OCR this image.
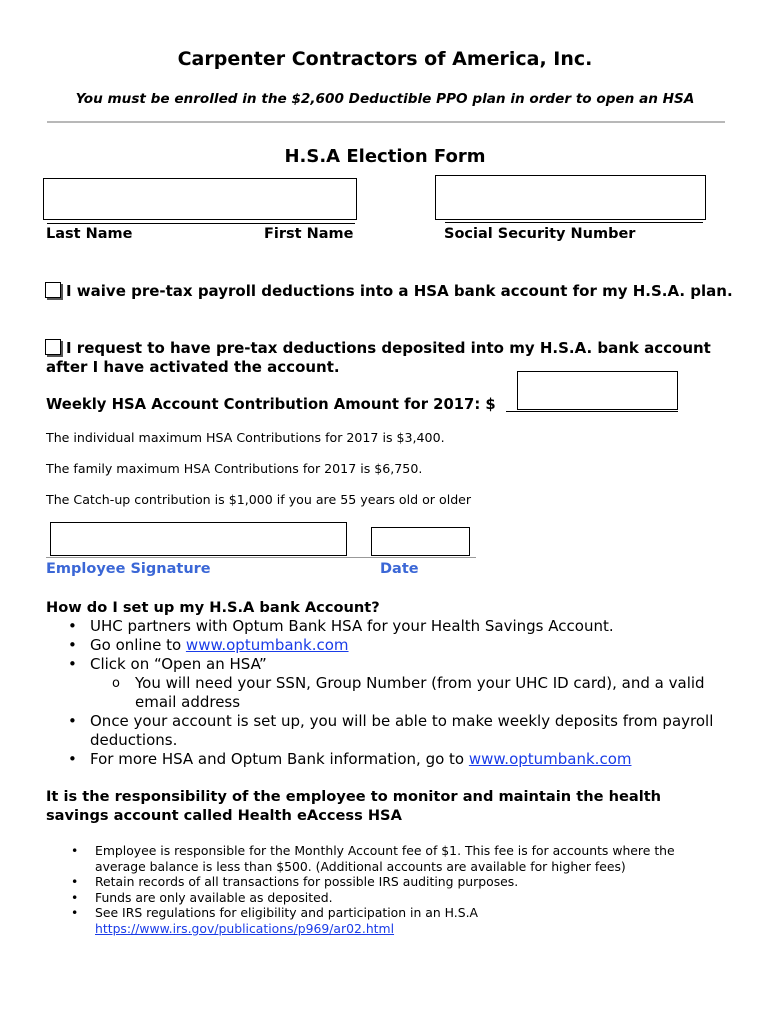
Carpenter Contractors of America, Inc.
You must be enrolled in the $2,600 Deductible PPO plan in order to open an HSA
H.S.A Election Form
Last Name	First Name	Social Security Number
I waive pre-tax payroll deductions into a HSA bank account for my H.S.A. plan.
I request to have pre-tax deductions deposited into my H.S.A. bank account after I have activated the account.
Weekly HSA Account Contribution Amount for 2017: $
The individual maximum HSA Contributions for 2017 is $3,400.
The family maximum HSA Contributions for 2017 is $6,750.
The Catch-up contribution is $1,000 if you are 55 years old or older
Employee Signature	Date
How do I set up my H.S.A bank Account?
• UHC partners with Optum Bank HSA for your Health Savings Account.
• Go online to www.optumbank.com
• Click on “Open an HSA”
o You will need your SSN, Group Number (from your UHC ID card), and a valid email address
• Once your account is set up, you will be able to make weekly deposits from payroll deductions.
• For more HSA and Optum Bank information, go to www.optumbank.com
It is the responsibility of the employee to monitor and maintain the health savings account called Health eAccess HSA
• Employee is responsible for the Monthly Account fee of $1. This fee is for accounts where the average balance is less than $500. (Additional accounts are available for higher fees)
• Retain records of all transactions for possible IRS auditing purposes.
• Funds are only available as deposited.
• See IRS regulations for eligibility and participation in an H.S.A https://www.irs.gov/publications/p969/ar02.html
